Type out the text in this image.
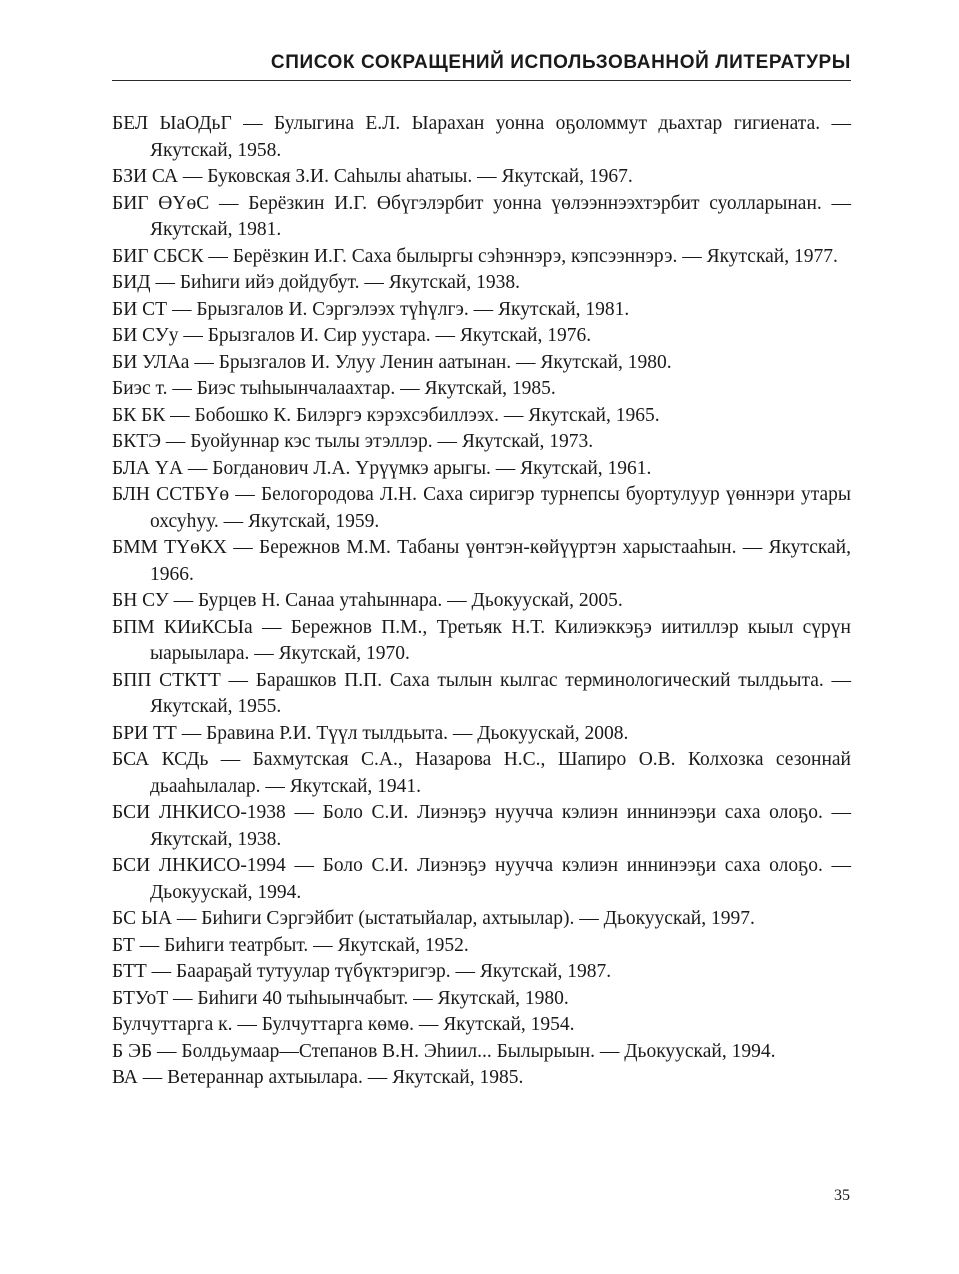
СПИСОК СОКРАЩЕНИЙ ИСПОЛЬЗОВАННОЙ ЛИТЕРАТУРЫ
БЕЛ ЫаОДьГ — Булыгина Е.Л. Ыарахан уонна оҕоломмут дьахтар гигиената. — Якутскай, 1958.
БЗИ СА — Буковская З.И. Саһылы аһатыы. — Якутскай, 1967.
БИГ ӨҮөС — Берёзкин И.Г. Өбүгэлэрбит уонна үөлээннээхтэрбит суолларынан. — Якутскай, 1981.
БИГ СБСК — Берёзкин И.Г. Саха былыргы сэһэннэрэ, кэпсээннэрэ. — Якутскай, 1977.
БИД — Биһиги ийэ дойдубут. — Якутскай, 1938.
БИ СТ — Брызгалов И. Сэргэлээх түһүлгэ. — Якутскай, 1981.
БИ СУу — Брызгалов И. Сир уустара. — Якутскай, 1976.
БИ УЛАа — Брызгалов И. Улуу Ленин аатынан. — Якутскай, 1980.
Биэс т. — Биэс тыһыынчалаахтар. — Якутскай, 1985.
БК БК — Бобошко К. Билэргэ кэрэхсэбиллээх. — Якутскай, 1965.
БКТЭ — Буойуннар кэс тылы этэллэр. — Якутскай, 1973.
БЛА ҮА — Богданович Л.А. Үрүүмкэ арыгы. — Якутскай, 1961.
БЛН ССТБҮө — Белогородова Л.Н. Саха сиригэр турнепсы буортулуур үөннэри утары охсуһуу. — Якутскай, 1959.
БММ ТҮөКХ — Бережнов М.М. Табаны үөнтэн-көйүүртэн харыстааһын. — Якутскай, 1966.
БН СУ — Бурцев Н. Санаа утаһыннара. — Дьокуускай, 2005.
БПМ КИиКСЫа — Бережнов П.М., Третьяк Н.Т. Килиэккэҕэ иитиллэр кыыл сүрүн ыарыылара. — Якутскай, 1970.
БПП СТКТТ — Барашков П.П. Саха тылын кылгас терминологический тылдьыта. — Якутскай, 1955.
БРИ ТТ — Бравина Р.И. Түүл тылдьыта. — Дьокуускай, 2008.
БСА КСДь — Бахмутская С.А., Назарова Н.С., Шапиро О.В. Колхозка сезоннай дьааһылалар. — Якутскай, 1941.
БСИ ЛНКИСО-1938 — Боло С.И. Лиэнэҕэ нуучча кэлиэн иннинээҕи саха олоҕо. — Якутскай, 1938.
БСИ ЛНКИСО-1994 — Боло С.И. Лиэнэҕэ нуучча кэлиэн иннинээҕи саха олоҕо. — Дьокуускай, 1994.
БС ЫА — Биһиги Сэргэйбит (ыстатыйалар, ахтыылар). — Дьокуускай, 1997.
БТ — Биһиги театрбыт. — Якутскай, 1952.
БТТ — Баараҕай тутуулар түбүктэригэр. — Якутскай, 1987.
БТУоТ — Биһиги 40 тыһыынчабыт. — Якутскай, 1980.
Булчуттарга к. — Булчуттарга көмө. — Якутскай, 1954.
Б ЭБ — Болдьумаар—Степанов В.Н. Эһиил... Былырыын. — Дьокуускай, 1994.
ВА — Ветераннар ахтыылара. — Якутскай, 1985.
35
